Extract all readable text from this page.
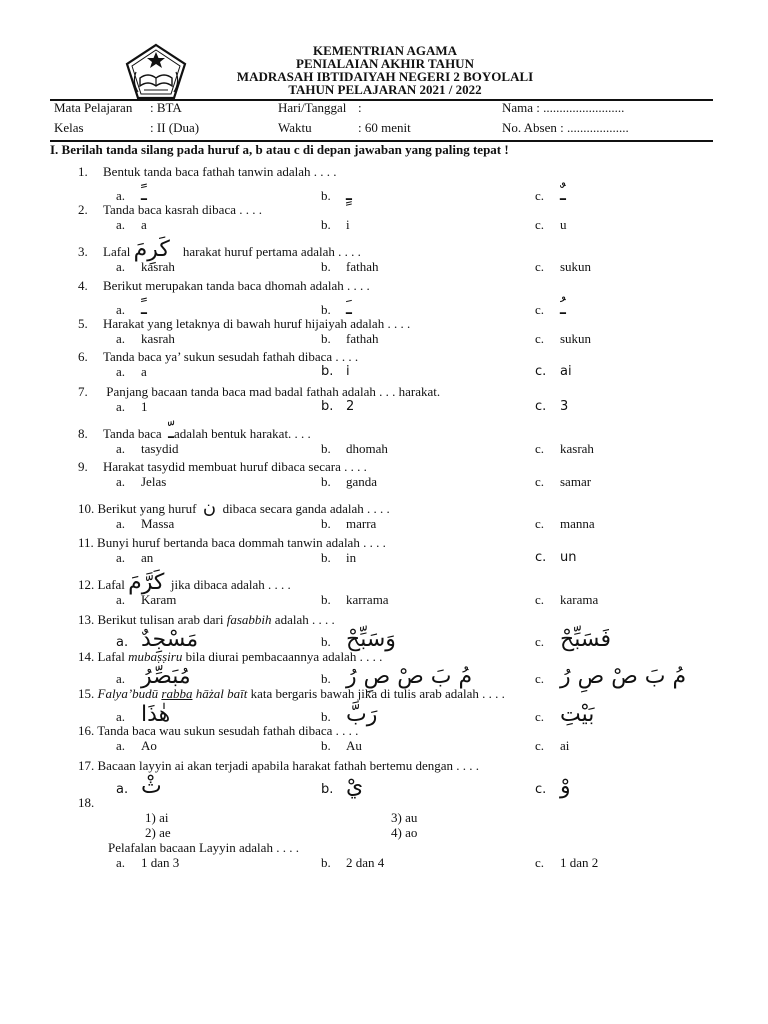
KEMENTRIAN AGAMA
PENIALAIAN AKHIR TAHUN
MADRASAH IBTIDAIYAH NEGERI 2 BOYOLALI
TAHUN PELAJARAN 2021 / 2022
Mata Pelajaran : BTA	Hari/Tanggal :	Nama : .........................
Kelas	: II (Dua)	Waktu	: 60 menit	No. Absen : ...................
I. Berilah tanda silang pada huruf a, b atau c di depan jawaban yang paling tepat !
1. Bentuk tanda baca fathah tanwin adalah . . . .
a. ـً	b. ـٍ	c. ـٌ
2. Tanda baca kasrah dibaca . . . .
a. a	b. i	c. u
3. Lafal كَرِمَ harakat huruf pertama adalah . . . .
a. kasrah	b. fathah	c. sukun
4. Berikut merupakan tanda baca dhomah adalah . . . .
a. ـً	b. ـَ	c. ـُ
5. Harakat yang letaknya di bawah huruf hijaiyah adalah . . . .
a. kasrah	b. fathah	c. sukun
6. Tanda baca ya’ sukun sesudah fathah dibaca . . . .
a. a	b. i	c. ai
7. Panjang bacaan tanda baca mad badal fathah adalah . . . harakat.
a. 1	b. 2	c. 3
8. Tanda baca ـّadalah bentuk harakat. . . .
a. tasydid	b. dhomah	c. kasrah
9. Harakat tasydid membuat huruf dibaca secara . . . .
a. Jelas	b. ganda	c. samar
10. Berikut yang huruf ن dibaca secara ganda adalah . . . .
a. Massa	b. marra	c. manna
11. Bunyi huruf bertanda baca dommah tanwin adalah . . . .
a. an	b. in	c. un
12. Lafal كَرَّمَ jika dibaca adalah . . . .
a. Karam	b. karrama	c. karama
13. Berikut tulisan arab dari fasabbih adalah . . . .
a. مَسْجِدٌ	b. وَسَبِّحْ	c. فَسَبِّحْ
14. Lafal mubaṣṣiru bila diurai pembacaannya adalah . . . .
a. مُبَصِّرُ	b. مُ بَ صْ صِ رُ	c. مُ بَ صْ صِ رُ
15. Falya’budū rabba hāżal baīt kata bergaris bawah jika di tulis arab adalah . . . .
a. هٰذَا	b. رَبَّ	c. بَيْتِ
16. Tanda baca wau sukun sesudah fathah dibaca . . . .
a. Ao	b. Au	c. ai
17. Bacaan layyin ai akan terjadi apabila harakat fathah bertemu dengan . . . .
a. ثْ	b. يْ	c. وْ
18.
1) ai	3) au
2) ae	4) ao
Pelafalan bacaan Layyin adalah . . . .
a. 1 dan 3	b. 2 dan 4	c. 1 dan 2
